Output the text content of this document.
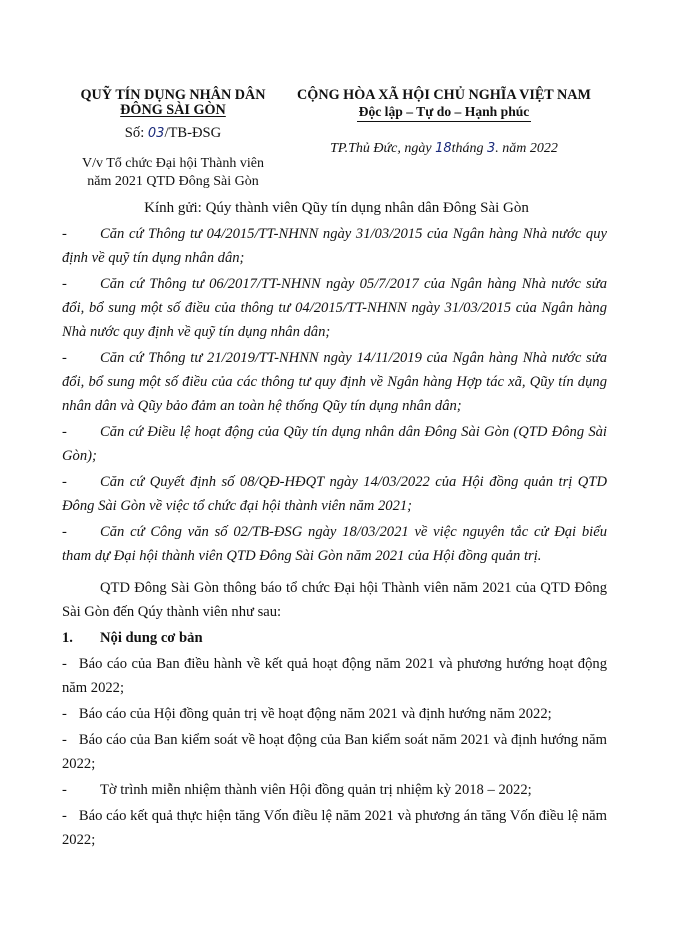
QUỸ TÍN DỤNG NHÂN DÂN
ĐÔNG SÀI GÒN
Số: 03/TB-ĐSG
V/v Tổ chức Đại hội Thành viên
năm 2021 QTD Đông Sài Gòn
CỘNG HÒA XÃ HỘI CHỦ NGHĨA VIỆT NAM
Độc lập – Tự do – Hạnh phúc
TP.Thủ Đức, ngày 18tháng 3. năm 2022
Kính gửi: Qúy thành viên Qũy tín dụng nhân dân Đông Sài Gòn
- Căn cứ Thông tư 04/2015/TT-NHNN ngày 31/03/2015 của Ngân hàng Nhà nước quy định về quỹ tín dụng nhân dân;
- Căn cứ Thông tư 06/2017/TT-NHNN ngày 05/7/2017 của Ngân hàng Nhà nước sửa đổi, bổ sung một số điều của thông tư 04/2015/TT-NHNN ngày 31/03/2015 của Ngân hàng Nhà nước quy định về quỹ tín dụng nhân dân;
- Căn cứ Thông tư 21/2019/TT-NHNN ngày 14/11/2019 của Ngân hàng Nhà nước sửa đổi, bổ sung một số điều của các thông tư quy định về Ngân hàng Hợp tác xã, Qũy tín dụng nhân dân và Qũy bảo đảm an toàn hệ thống Qũy tín dụng nhân dân;
- Căn cứ Điều lệ hoạt động của Qũy tín dụng nhân dân Đông Sài Gòn (QTD Đông Sài Gòn);
- Căn cứ Quyết định số 08/QĐ-HĐQT ngày 14/03/2022 của Hội đồng quản trị QTD Đông Sài Gòn về việc tổ chức đại hội thành viên năm 2021;
- Căn cứ Công văn số 02/TB-ĐSG ngày 18/03/2021 về việc nguyên tắc cử Đại biểu tham dự Đại hội thành viên QTD Đông Sài Gòn năm 2021 của Hội đồng quản trị.
QTD Đông Sài Gòn thông báo tổ chức Đại hội Thành viên năm 2021 của QTD Đông Sài Gòn đến Qúy thành viên như sau:
1. Nội dung cơ bản
- Báo cáo của Ban điều hành về kết quả hoạt động năm 2021 và phương hướng hoạt động năm 2022;
- Báo cáo của Hội đồng quản trị về hoạt động năm 2021 và định hướng năm 2022;
- Báo cáo của Ban kiểm soát về hoạt động của Ban kiểm soát năm 2021 và định hướng năm 2022;
- Tờ trình miễn nhiệm thành viên Hội đồng quản trị nhiệm kỳ 2018 – 2022;
- Báo cáo kết quả thực hiện tăng Vốn điều lệ năm 2021 và phương án tăng Vốn điều lệ năm 2022;
